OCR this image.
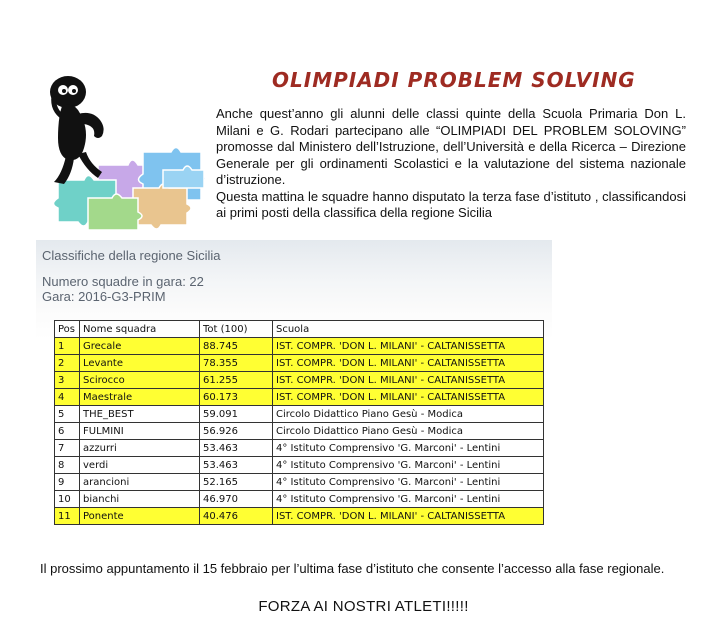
OLIMPIADI PROBLEM SOLVING

Anche quest’anno gli alunni delle classi quinte della Scuola Primaria Don L. Milani e G. Rodari partecipano alle “OLIMPIADI DEL PROBLEM SOLOVING” promosse dal Ministero dell’Istruzione, dell’Università e della Ricerca – Direzione Generale per gli ordinamenti Scolastici e la valutazione del sistema nazionale d’istruzione.

Questa mattina le squadre hanno disputato la terza fase d’istituto , classificandosi ai primi posti della classifica della regione Sicilia

Classifiche della regione Sicilia
Numero squadre in gara: 22
Gara: 2016-G3-PRIM
Pos	Nome squadra	Tot (100)	Scuola
1	Grecale	88.745	IST. COMPR. 'DON L. MILANI' - CALTANISSETTA
2	Levante	78.355	IST. COMPR. 'DON L. MILANI' - CALTANISSETTA
3	Scirocco	61.255	IST. COMPR. 'DON L. MILANI' - CALTANISSETTA
4	Maestrale	60.173	IST. COMPR. 'DON L. MILANI' - CALTANISSETTA
5	THE_BEST	59.091	Circolo Didattico Piano Gesù - Modica
6	FULMINI	56.926	Circolo Didattico Piano Gesù - Modica
7	azzurri	53.463	4° Istituto Comprensivo 'G. Marconi' - Lentini
8	verdi	53.463	4° Istituto Comprensivo 'G. Marconi' - Lentini
9	arancioni	52.165	4° Istituto Comprensivo 'G. Marconi' - Lentini
10	bianchi	46.970	4° Istituto Comprensivo 'G. Marconi' - Lentini
11	Ponente	40.476	IST. COMPR. 'DON L. MILANI' - CALTANISSETTA

Il prossimo appuntamento il 15 febbraio per l’ultima fase d’istituto che consente l’accesso alla fase regionale.

FORZA AI NOSTRI ATLETI!!!!!
